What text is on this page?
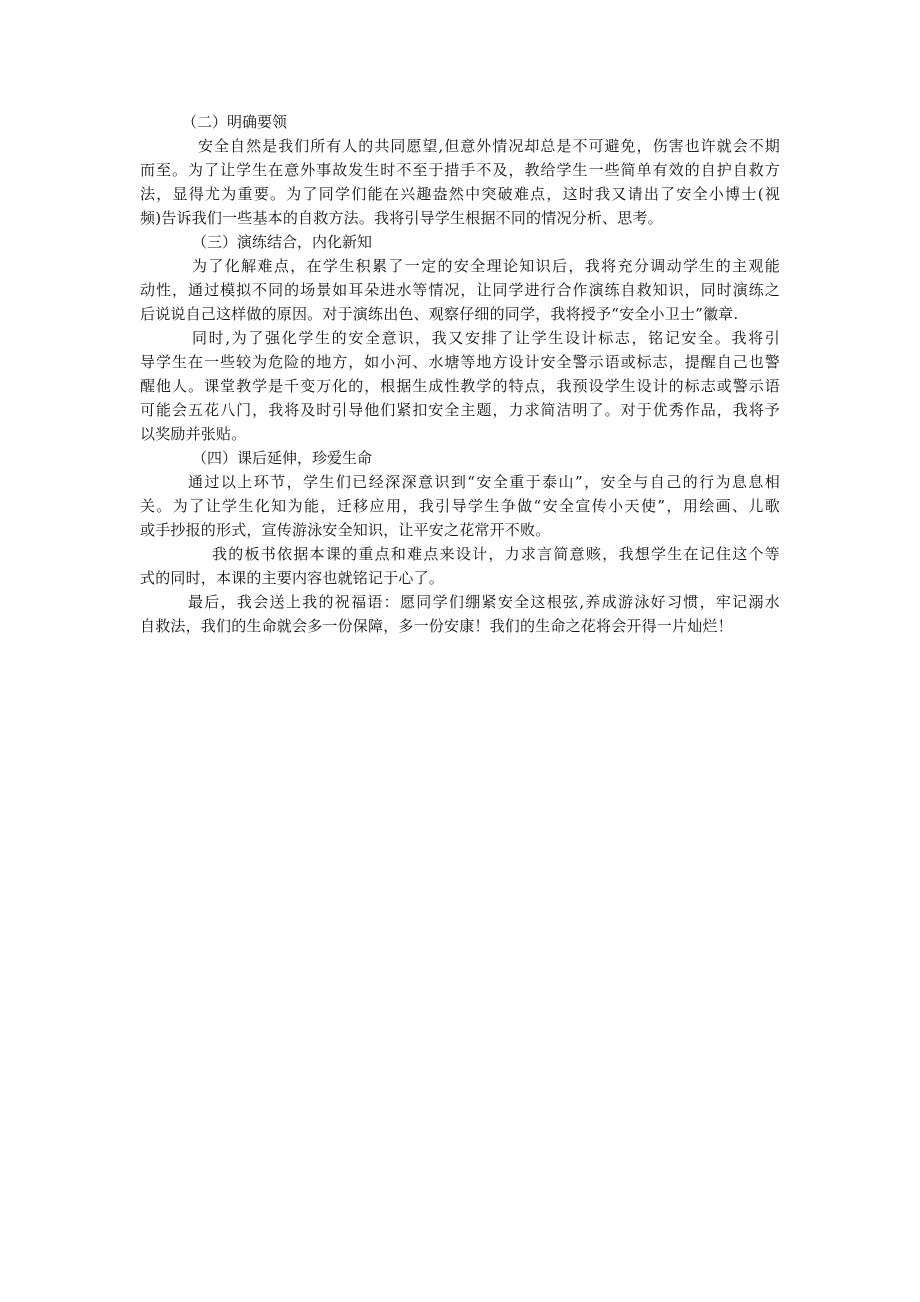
（二）明确要领
安全自然是我们所有人的共同愿望,但意外情况却总是不可避免，伤害也许就会不期
而至。为了让学生在意外事故发生时不至于措手不及，教给学生一些简单有效的自护自救方
法，显得尤为重要。为了同学们能在兴趣盎然中突破难点，这时我又请出了安全小博士(视
频)告诉我们一些基本的自救方法。我将引导学生根据不同的情况分析、思考。
（三）演练结合，内化新知
为了化解难点，在学生积累了一定的安全理论知识后，我将充分调动学生的主观能
动性，通过模拟不同的场景如耳朵进水等情况，让同学进行合作演练自救知识，同时演练之
后说说自己这样做的原因。对于演练出色、观察仔细的同学，我将授予“安全小卫士”徽章.
同时,为了强化学生的安全意识，我又安排了让学生设计标志，铭记安全。我将引
导学生在一些较为危险的地方，如小河、水塘等地方设计安全警示语或标志，提醒自己也警
醒他人。课堂教学是千变万化的，根据生成性教学的特点，我预设学生设计的标志或警示语
可能会五花八门，我将及时引导他们紧扣安全主题，力求简洁明了。对于优秀作品，我将予
以奖励并张贴。
（四）课后延伸，珍爱生命
通过以上环节，学生们已经深深意识到“安全重于泰山”，安全与自己的行为息息相
关。为了让学生化知为能，迁移应用，我引导学生争做“安全宣传小天使”，用绘画、儿歌
或手抄报的形式，宣传游泳安全知识，让平安之花常开不败。
我的板书依据本课的重点和难点来设计，力求言简意赅，我想学生在记住这个等
式的同时，本课的主要内容也就铭记于心了。
最后，我会送上我的祝福语：愿同学们绷紧安全这根弦,养成游泳好习惯，牢记溺水
自救法，我们的生命就会多一份保障，多一份安康！我们的生命之花将会开得一片灿烂！
